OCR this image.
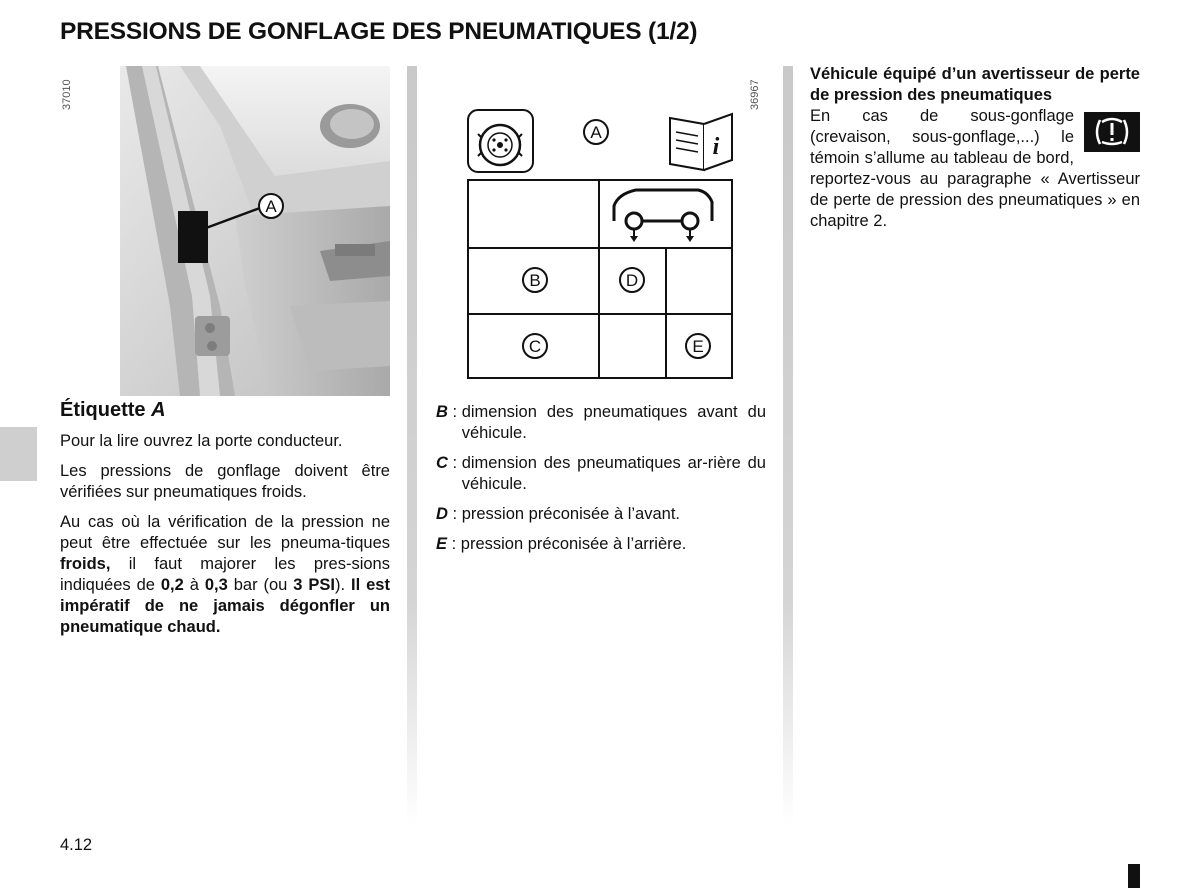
PRESSIONS DE GONFLAGE DES PNEUMATIQUES (1/2)
A
37010
A
i
B	D
C	E
36967
Étiquette A

Pour la lire ouvrez la porte conducteur.

Les pressions de gonflage doivent être vérifiées sur pneumatiques froids.

Au cas où la vérification de la pression ne peut être effectuée sur les pneuma-tiques froids, il faut majorer les pres-sions indiquées de 0,2 à 0,3 bar (ou 3 PSI). Il est impératif de ne jamais dégonfler un pneumatique chaud.

B : dimension des pneumatiques avant du véhicule.
C : dimension des pneumatiques ar-rière du véhicule.
D : pression préconisée à l’avant.
E : pression préconisée à l’arrière.

Véhicule équipé d’un avertisseur de perte de pression des pneumatiques

En cas de sous-gonflage (crevaison, sous-gonflage,...) le témoin s’allume au tableau de bord, reportez-vous au paragraphe « Avertisseur de perte de pression des pneumatiques » en chapitre 2.

4.12
